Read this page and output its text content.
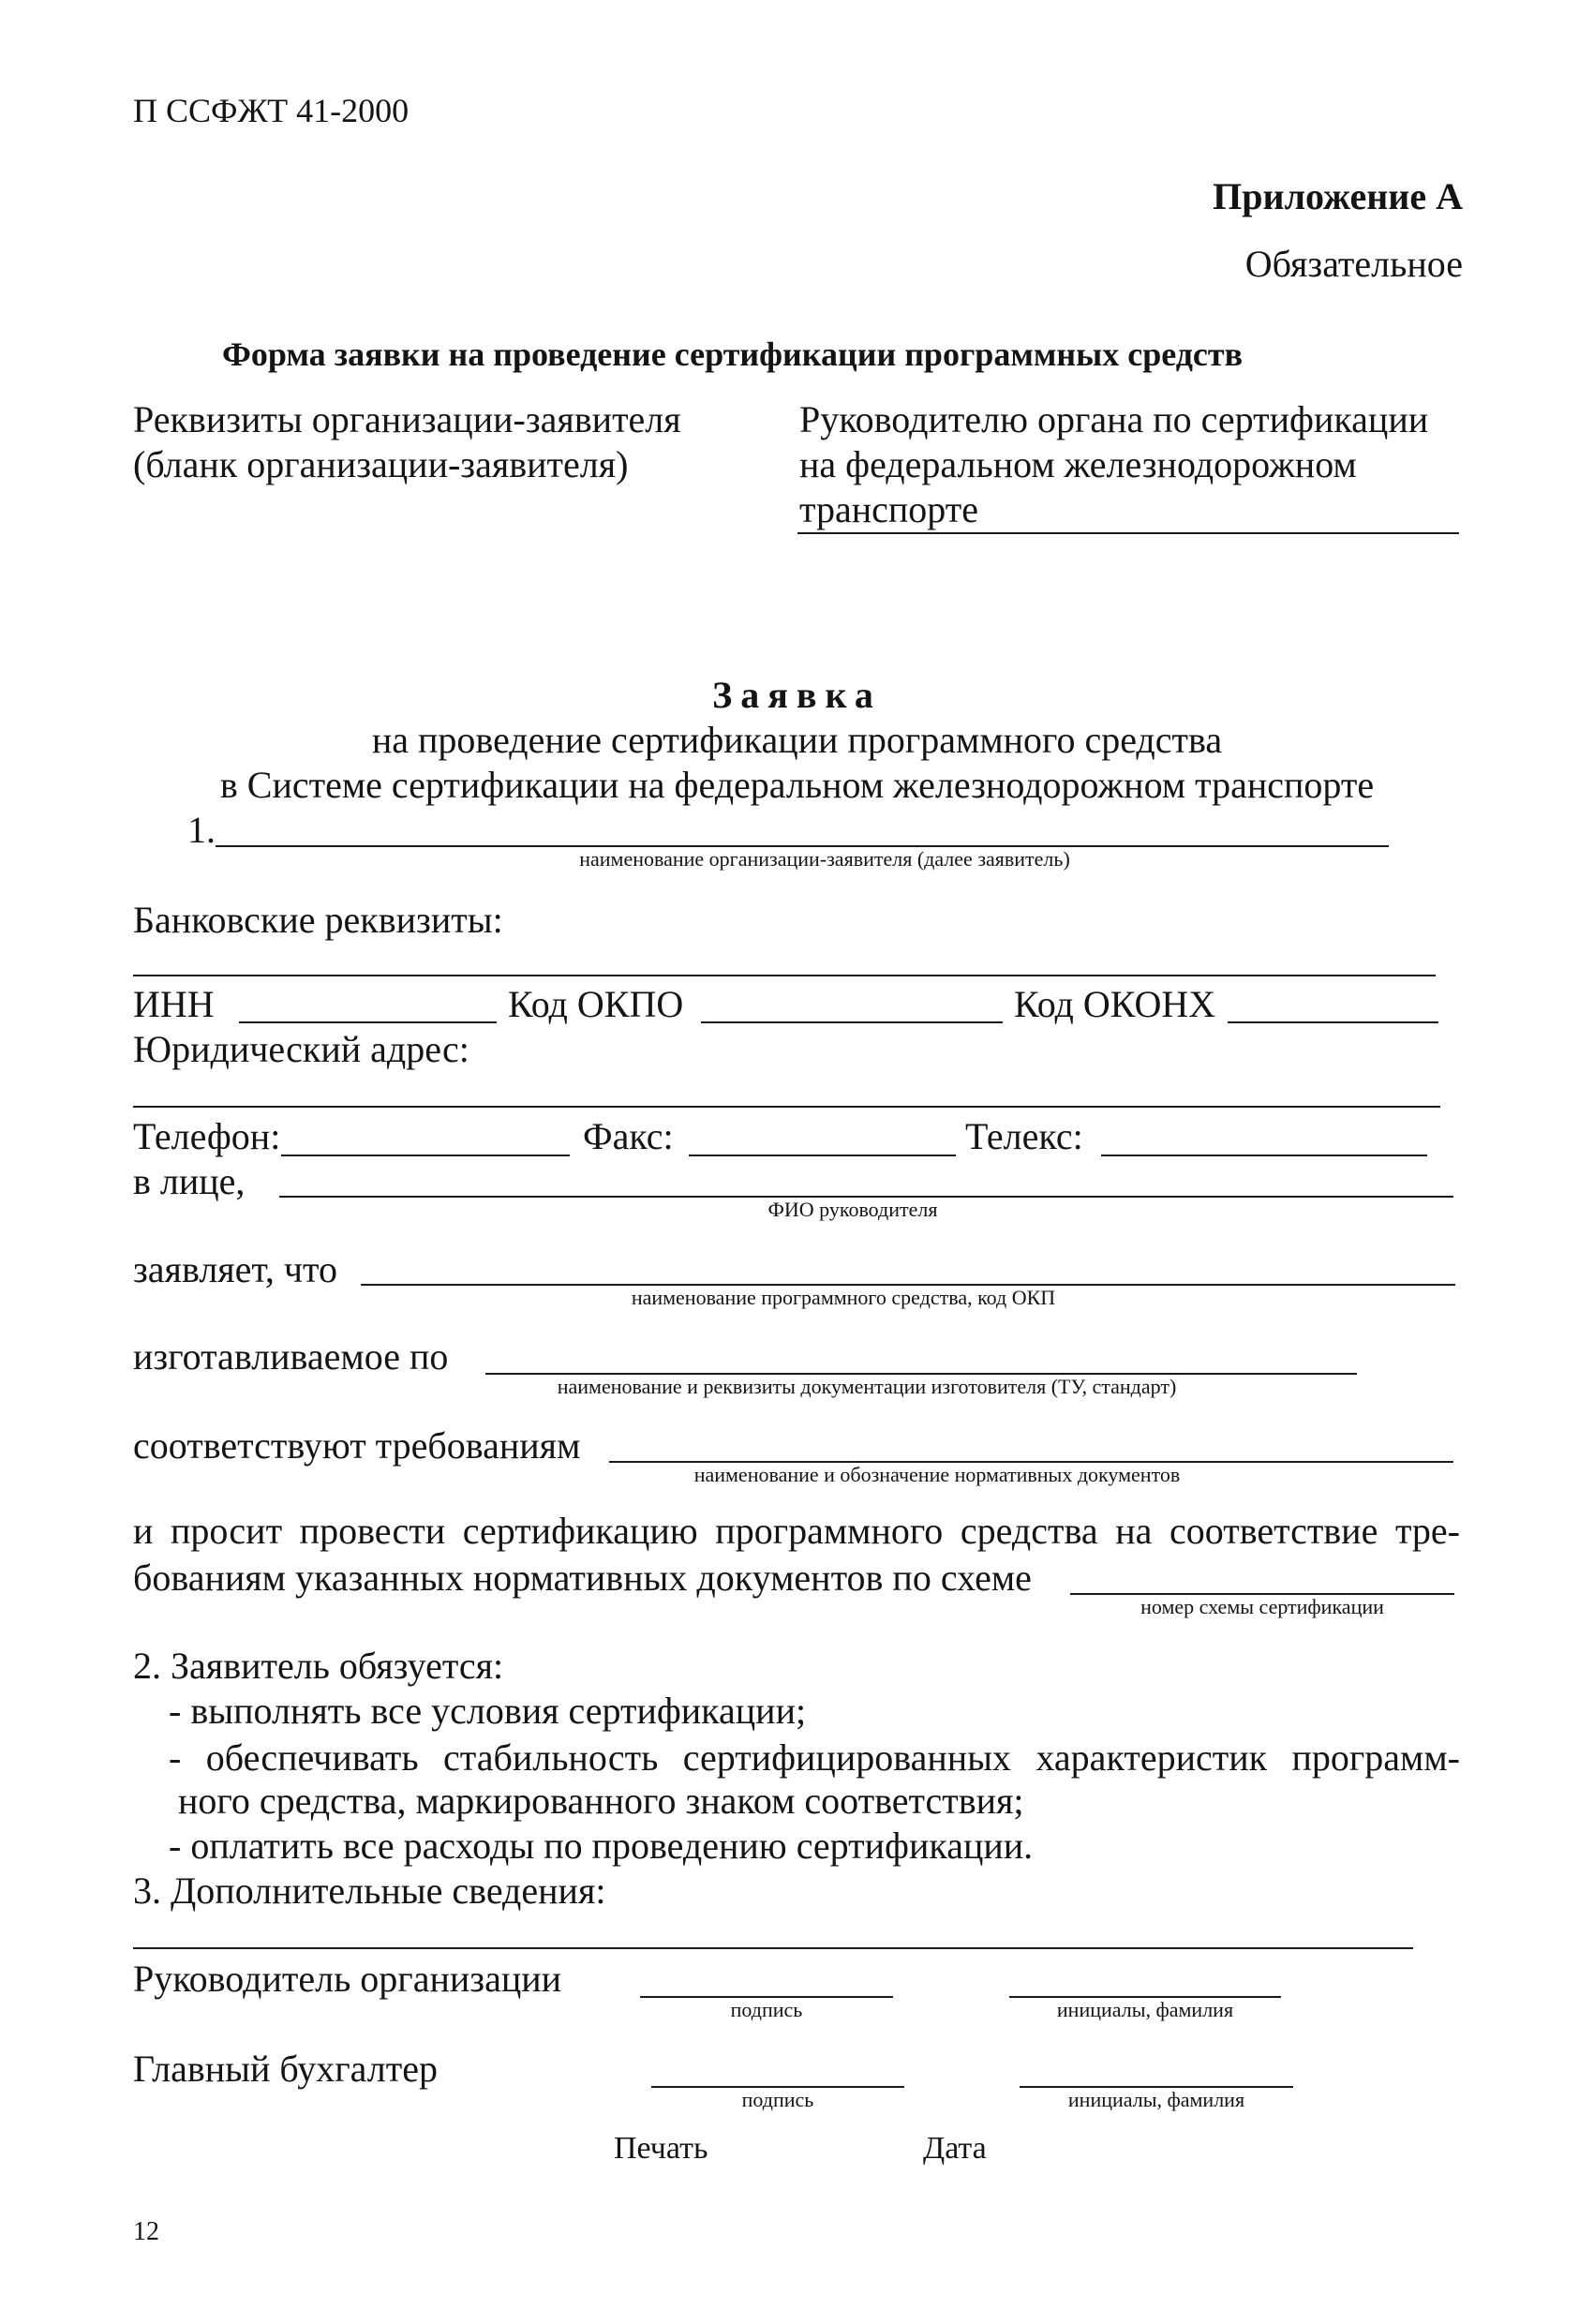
П ССФЖТ 41-2000
Приложение А
Обязательное
Форма заявки на проведение сертификации программных средств
Реквизиты организации-заявителя
(бланк организации-заявителя)
Руководителю органа по сертификации
на федеральном железнодорожном
транспорте
Заявка
на проведение сертификации программного средства
в Системе сертификации на федеральном железнодорожном транспорте
1.
наименование организации-заявителя (далее заявитель)
Банковские реквизиты:
ИНН	Код ОКПО	Код ОКОНХ
Юридический адрес:
Телефон:	Факс:	Телекс:
в лице,
ФИО руководителя
заявляет, что
наименование программного средства, код ОКП
изготавливаемое по
наименование и реквизиты документации изготовителя (ТУ, стандарт)
соответствуют требованиям
наименование и обозначение нормативных документов
и просит провести сертификацию программного средства на соответствие тре-
бованиям указанных нормативных документов по схеме
номер схемы сертификации
2. Заявитель обязуется:
- выполнять все условия сертификации;
- обеспечивать стабильность сертифицированных характеристик программ-
ного средства, маркированного знаком соответствия;
- оплатить все расходы по проведению сертификации.
3. Дополнительные сведения:
Руководитель организации
подпись	инициалы, фамилия
Главный бухгалтер
подпись	инициалы, фамилия
Печать	Дата
12
